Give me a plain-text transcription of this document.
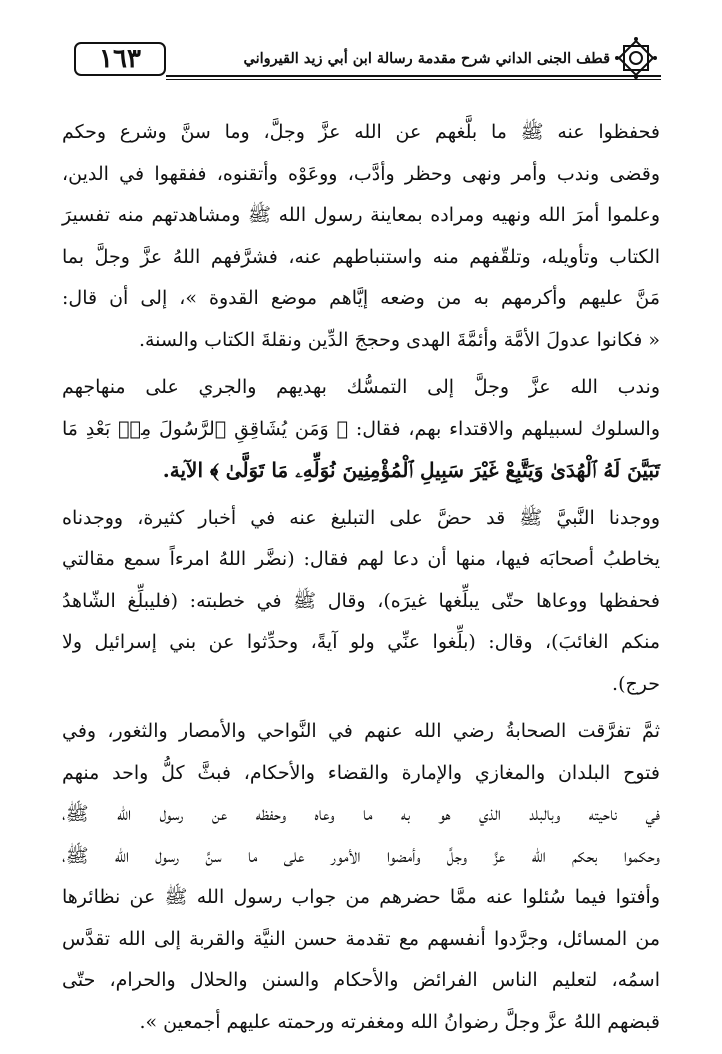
١٦٣	قطف الجنى الداني شرح مقدمة رسالة ابن أبي زيد القيرواني
فحفظوا عنه ﷺ ما بلَّغهم عن الله عزَّ وجلَّ، وما سنَّ وشرع وحكم
وقضى وندب وأمر ونهى وحظر وأدَّب، ووعَوْه وأتقنوه، ففقهوا في الدين،
وعلموا أمرَ الله ونهيه ومراده بمعاينة رسول الله ﷺ ومشاهدتهم منه تفسيرَ
الكتاب وتأويله، وتلقّفهم منه واستنباطهم عنه، فشرَّفهم اللهُ عزَّ وجلَّ بما
مَنَّ عليهم وأكرمهم به من وضعه إيَّاهم موضع القدوة »، إلى أن قال:
« فكانوا عدولَ الأمَّة وأئمَّةَ الهدى وحججَ الدِّين ونقلةَ الكتاب والسنة.
وندب الله عزَّ وجلَّ إلى التمسُّك بهديهم والجري على منهاجهم
والسلوك لسبيلهم والاقتداء بهم، فقال: ﴿ وَمَن يُشَاقِقِ ٱلرَّسُولَ مِنۢ بَعْدِ مَا
تَبَيَّنَ لَهُ ٱلْهُدَىٰ وَيَتَّبِعْ غَيْرَ سَبِيلِ ٱلْمُؤْمِنِينَ نُوَلِّهِۦ مَا تَوَلَّىٰ ﴾ الآية.
ووجدنا النَّبيَّ ﷺ قد حضَّ على التبليغ عنه في أخبار كثيرة، ووجدناه
يخاطبُ أصحابَه فيها، منها أن دعا لهم فقال: (نضَّر اللهُ امرءاً سمع مقالتي
فحفظها ووعاها حتّى يبلِّغها غيرَه)، وقال ﷺ في خطبته: (فليبلِّغ الشّاهدُ
منكم الغائبَ)، وقال: (بلِّغوا عنِّي ولو آيةً، وحدِّثوا عن بني إسرائيل ولا
حرج).
ثمَّ تفرَّقت الصحابةُ رضي الله عنهم في النَّواحي والأمصار والثغور، وفي
فتوح البلدان والمغازي والإمارة والقضاء والأحكام، فبثَّ كلُّ واحد منهم
في ناحيته وبالبلد الذي هو به ما وعاه وحفظه عن رسول الله ﷺ،
وحكموا بحكم الله عزَّ وجلَّ وأمضوا الأمور على ما سنَّ رسول الله ﷺ،
وأفتوا فيما سُئلوا عنه ممَّا حضرهم من جواب رسول الله ﷺ عن نظائرها
من المسائل، وجرَّدوا أنفسهم مع تقدمة حسن النيَّة والقربة إلى الله تقدَّس
اسمُه، لتعليم الناس الفرائض والأحكام والسنن والحلال والحرام، حتّى
قبضهم اللهُ عزَّ وجلَّ رضوانُ الله ومغفرته ورحمته عليهم أجمعين ».
